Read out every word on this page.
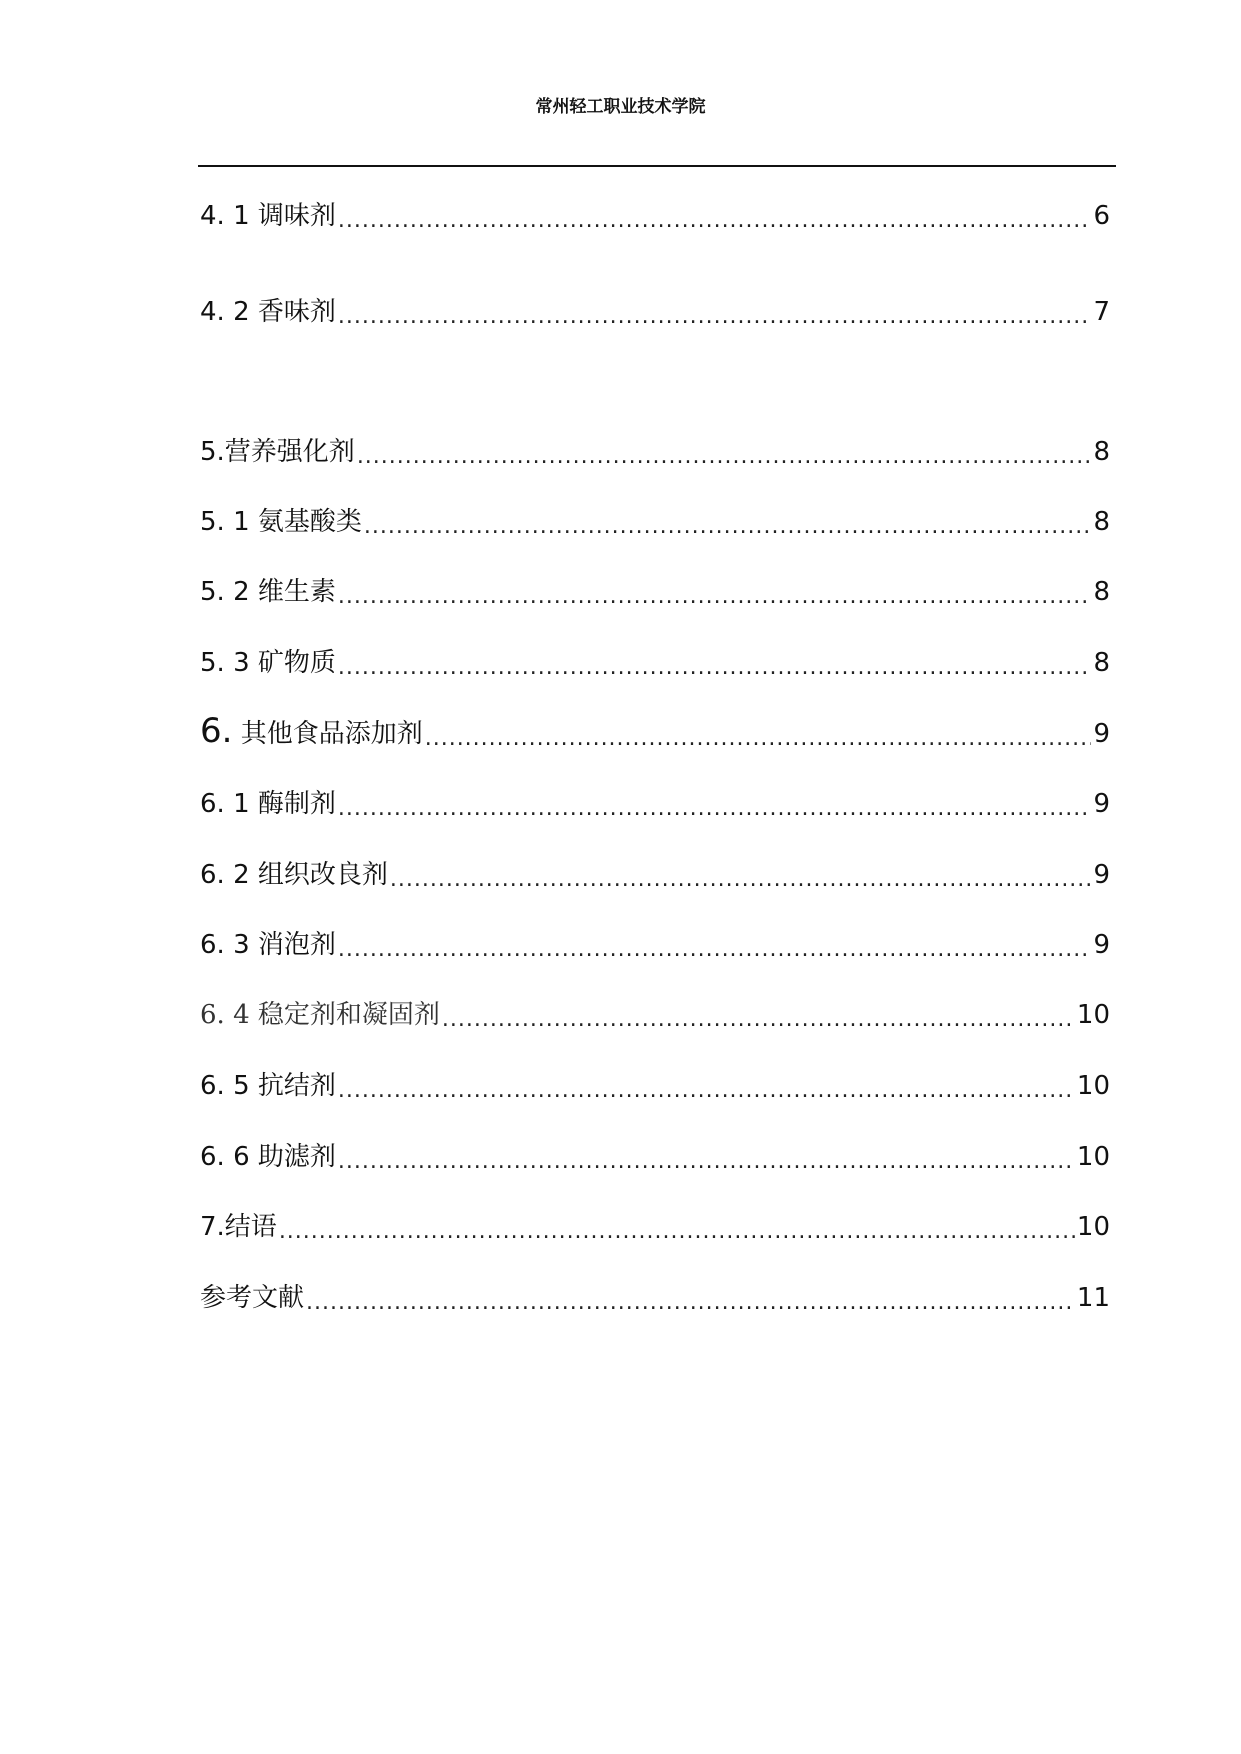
常州轻工职业技术学院
4. 1 调味剂 .....	6
4. 2 香味剂 .....	7
5.营养强化剂 .....	8
5. 1 氨基酸类 .....	8
5. 2 维生素 .....	8
5. 3 矿物质 .....	8
6. 其他食品添加剂 .....	9
6. 1 酶制剂 .....	9
6. 2 组织改良剂 .....	9
6. 3 消泡剂 .....	9
6. 4 稳定剂和凝固剂 .....	10
6. 5 抗结剂 .....	10
6. 6 助滤剂 .....	10
7.结语 .....	10
参考文献 .....	11
